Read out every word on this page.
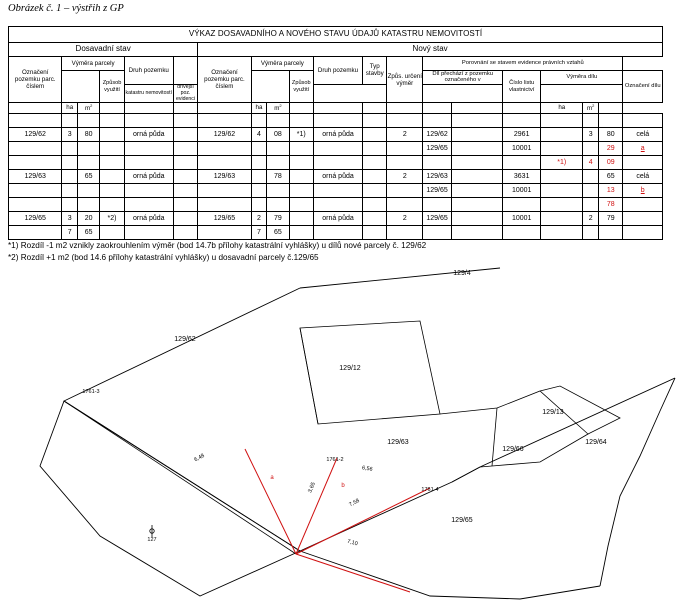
Obrázek č. 1 – výstřih z GP
VÝKAZ DOSAVADNÍHO A NOVÉHO STAVU ÚDAJŮ KATASTRU NEMOVITOSTÍ																			
Dosavadní stav						Nový stav													
Označení pozemku parc. číslem	Výměra parcely			Druh pozemku		Označení pozemku parc. číslem	Výměra parcely			Druh pozemku	Typ stavby	Způs. určení výměr	Porovnání se stavem evidence právních vztahů						
			Způsob využití						Způsob využití				Díl přechází z pozemku označeného v		Číslo listu vlastnictví	Výměra dílu			Označení dílu
				katastru nemovitostí	dřívější poz. evidenci														
	ha	$m^2$					ha	$m^2$								ha	$m^2$	

129/62	3	80		orná půda		129/62	4	08	*1)	orná půda		2	129/62		2961		3	80	celá
													129/65		10001			29	a
																*1)	4	09	
129/63		65		orná půda		129/63		78		orná půda		2	129/63		3631			65	celá
													129/65		10001			13	b
																		78	
129/65	3	20	*2)	orná půda		129/65	2	79		orná půda		2	129/65		10001		2	79	
	7	65					7	65											
*1) Rozdíl -1 m2 vznikly zaokrouhlením výměr (bod 14.7b přílohy katastrální vyhlášky) u dílů nové parcely č. 129/62
*2) Rozdíl +1 m2 (bod 14.6 přílohy katastrální vyhlášky) u dosavadní parcely č.129/65
129/4
129/62
129/12
129/13
129/63
129/66
129/64
129/65
1761-3
1761-2
1761-4
127
6,48
6,56
3,65
7,58
7,10
a
b
